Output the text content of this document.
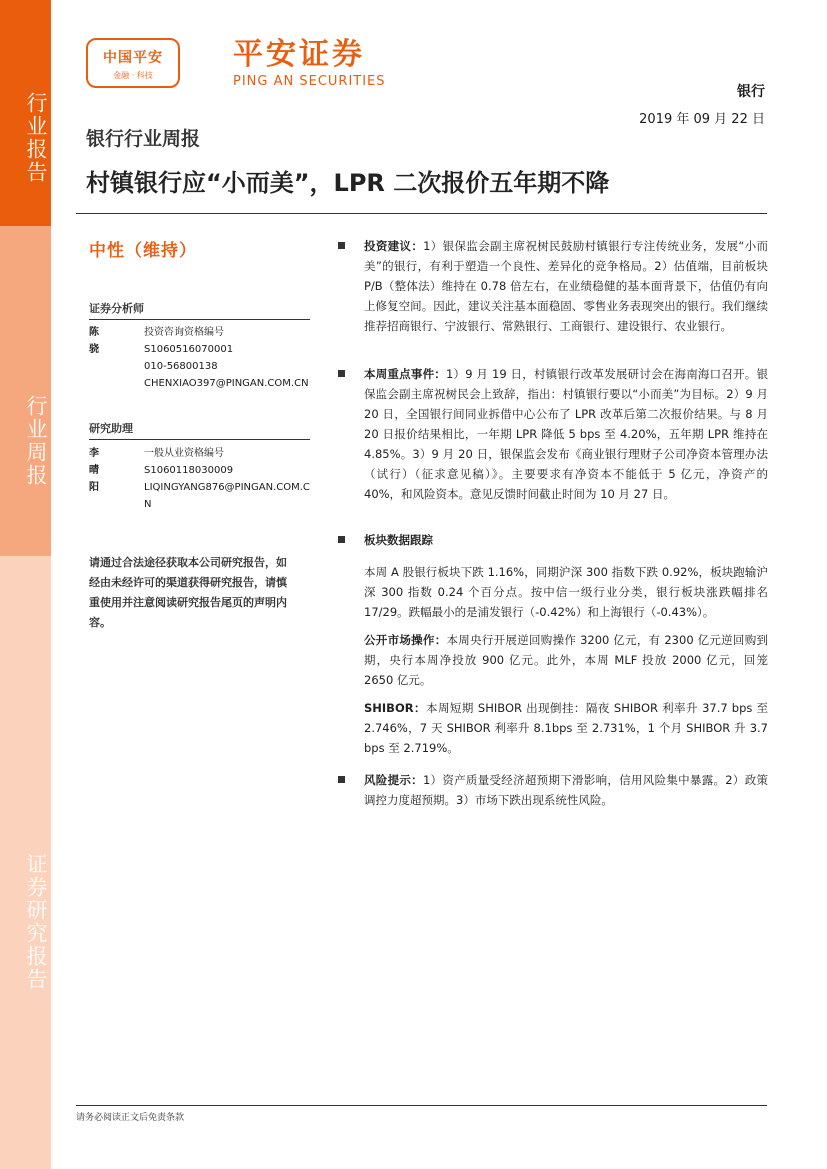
行业报告
行业周报
证券研究报告
中国平安
金融 · 科技
平安证券
PING AN SECURITIES
银行
2019 年 09 月 22 日
银行行业周报
村镇银行应“小而美”，LPR 二次报价五年期不降
中性（维持）
证券分析师
陈骁
投资咨询资格编号
S1060516070001
010-56800138
CHENXIAO397@PINGAN.COM.CN
研究助理
李晴阳
一般从业资格编号
S1060118030009
LIQINGYANG876@PINGAN.COM.C
N
请通过合法途径获取本公司研究报告，如经由未经许可的渠道获得研究报告，请慎重使用并注意阅读研究报告尾页的声明内容。
投资建议：1）银保监会副主席祝树民鼓励村镇银行专注传统业务，发展“小而美”的银行，有利于塑造一个良性、差异化的竞争格局。2）估值端，目前板块 P/B（整体法）维持在 0.78 倍左右，在业绩稳健的基本面背景下，估值仍有向上修复空间。因此，建议关注基本面稳固、零售业务表现突出的银行。我们继续推荐招商银行、宁波银行、常熟银行、工商银行、建设银行、农业银行。
本周重点事件：1）9 月 19 日，村镇银行改革发展研讨会在海南海口召开。银保监会副主席祝树民会上致辞，指出：村镇银行要以“小而美”为目标。2）9 月 20 日，全国银行间同业拆借中心公布了 LPR 改革后第二次报价结果。与 8 月 20 日报价结果相比，一年期 LPR 降低 5 bps 至 4.20%，五年期 LPR 维持在 4.85%。3）9 月 20 日，银保监会发布《商业银行理财子公司净资本管理办法（试行）（征求意见稿）》。主要要求有净资本不能低于 5 亿元，净资产的 40%，和风险资本。意见反馈时间截止时间为 10 月 27 日。
板块数据跟踪
本周 A 股银行板块下跌 1.16%，同期沪深 300 指数下跌 0.92%，板块跑输沪深 300 指数 0.24 个百分点。按中信一级行业分类，银行板块涨跌幅排名 17/29。跌幅最小的是浦发银行（-0.42%）和上海银行（-0.43%）。
公开市场操作：本周央行开展逆回购操作 3200 亿元，有 2300 亿元逆回购到期，央行本周净投放 900 亿元。此外，本周 MLF 投放 2000 亿元，回笼 2650 亿元。
SHIBOR：本周短期 SHIBOR 出现倒挂：隔夜 SHIBOR 利率升 37.7 bps 至 2.746%，7 天 SHIBOR 利率升 8.1bps 至 2.731%，1 个月 SHIBOR 升 3.7 bps 至 2.719%。
风险提示：1）资产质量受经济超预期下滑影响，信用风险集中暴露。2）政策调控力度超预期。3）市场下跌出现系统性风险。
请务必阅读正文后免责条款
